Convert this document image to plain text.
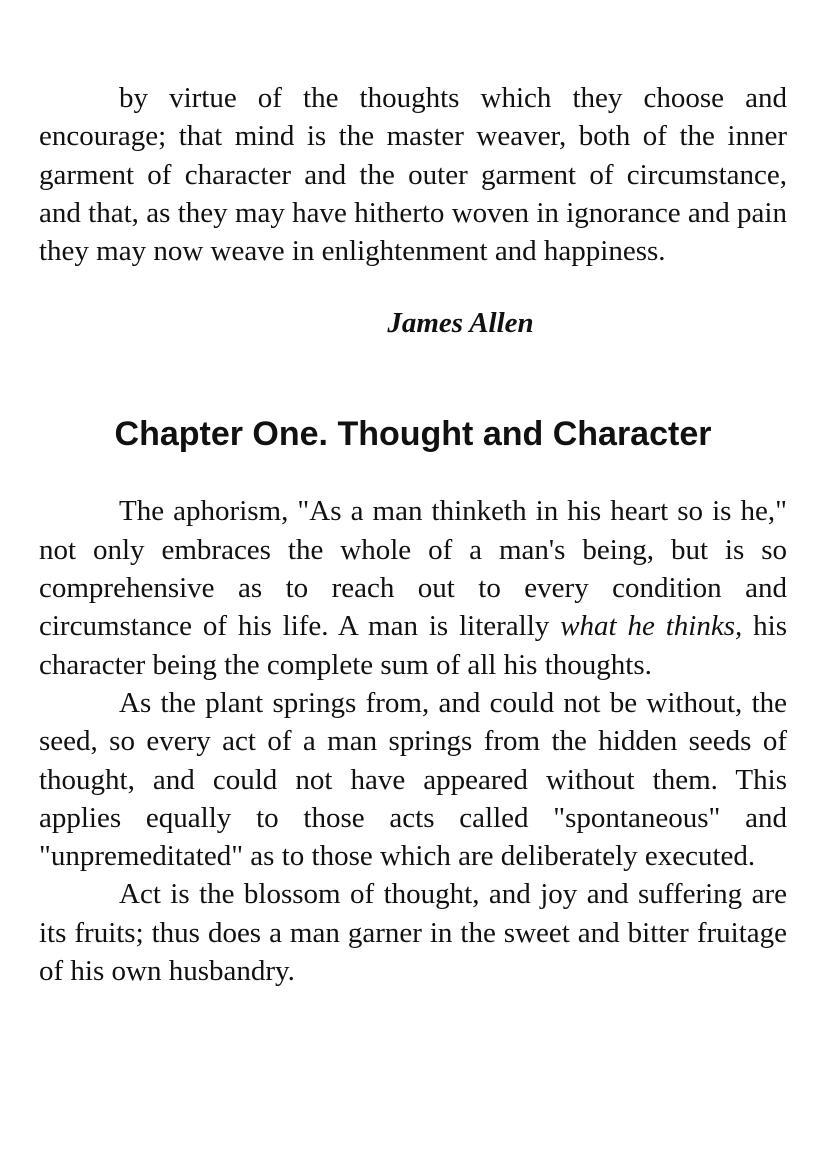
by virtue of the thoughts which they choose and encourage; that mind is the master weaver, both of the inner garment of character and the outer garment of circumstance, and that, as they may have hitherto woven in ignorance and pain they may now weave in enlightenment and happiness.

James Allen
Chapter One. Thought and Character

The aphorism, "As a man thinketh in his heart so is he," not only embraces the whole of a man's being, but is so comprehensive as to reach out to every condition and circumstance of his life. A man is literally what he thinks, his character being the complete sum of all his thoughts.

As the plant springs from, and could not be without, the seed, so every act of a man springs from the hidden seeds of thought, and could not have appeared without them. This applies equally to those acts called "spontaneous" and "unpremeditated" as to those which are deliberately executed.

Act is the blossom of thought, and joy and suffering are its fruits; thus does a man garner in the sweet and bitter fruitage of his own husbandry.
